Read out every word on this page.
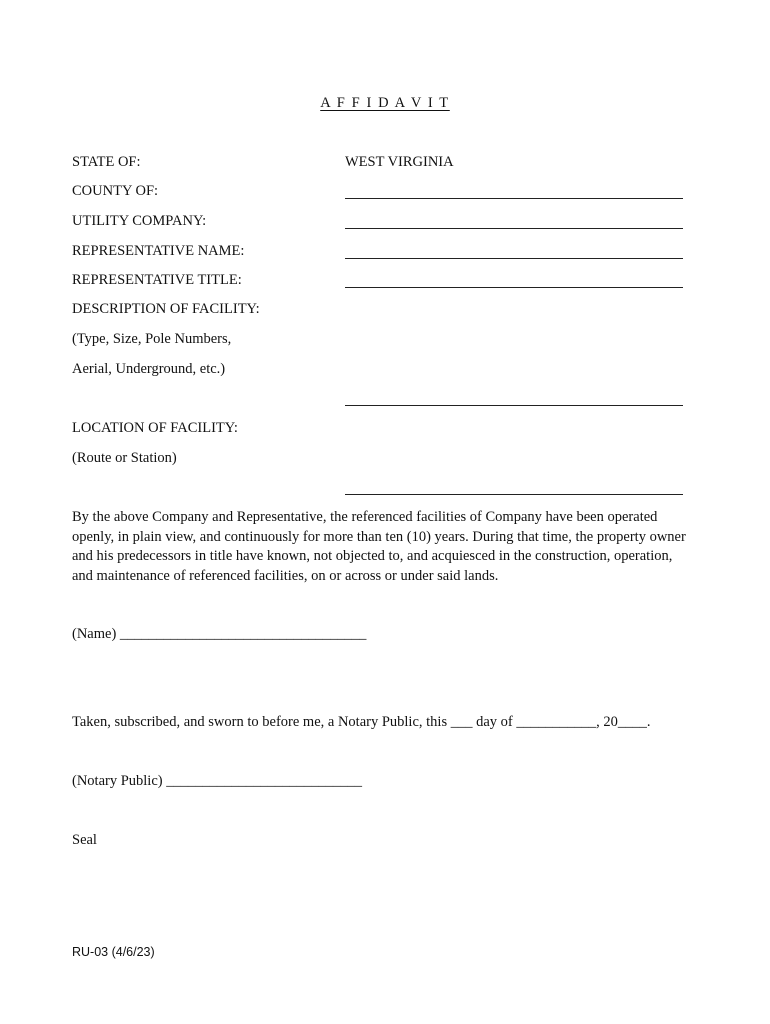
A F F I D A V I T
STATE OF:	WEST VIRGINIA
COUNTY OF:
UTILITY COMPANY:
REPRESENTATIVE NAME:
REPRESENTATIVE TITLE:
DESCRIPTION OF FACILITY:
(Type, Size, Pole Numbers,
Aerial, Underground, etc.)
LOCATION OF FACILITY:
(Route or Station)
By the above Company and Representative, the referenced facilities of Company have been operated openly, in plain view, and continuously for more than ten (10) years. During that time, the property owner and his predecessors in title have known, not objected to, and acquiesced in the construction, operation, and maintenance of referenced facilities, on or across or under said lands.
(Name) __________________________________
Taken, subscribed, and sworn to before me, a Notary Public, this ___ day of ___________, 20____.
(Notary Public) ___________________________
Seal
RU-03 (4/6/23)
